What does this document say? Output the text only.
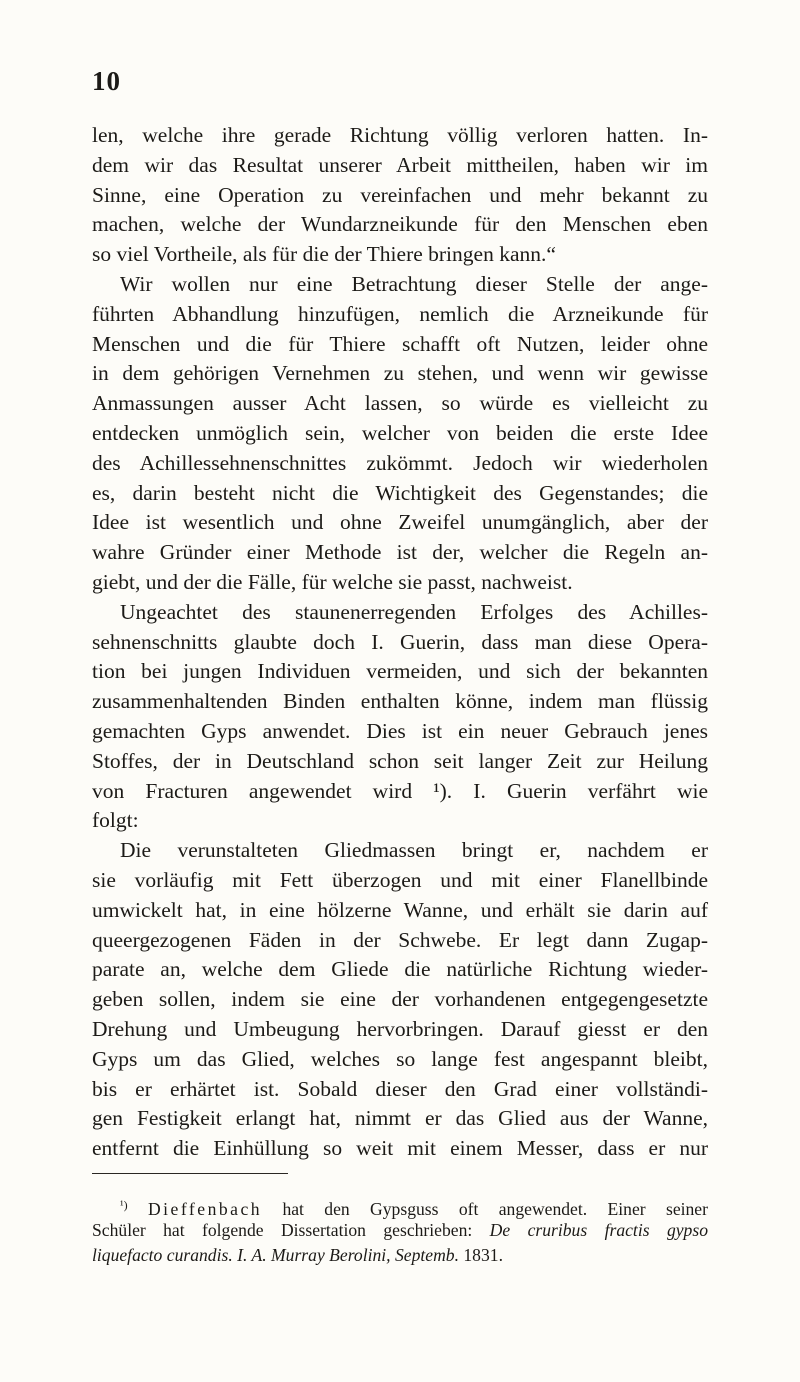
10
len, welche ihre gerade Richtung völlig verloren hatten. In-
dem wir das Resultat unserer Arbeit mittheilen, haben wir im
Sinne, eine Operation zu vereinfachen und mehr bekannt zu
machen, welche der Wundarzneikunde für den Menschen eben
so viel Vortheile, als für die der Thiere bringen kann.“
Wir wollen nur eine Betrachtung dieser Stelle der ange-
führten Abhandlung hinzufügen, nemlich die Arzneikunde für
Menschen und die für Thiere schafft oft Nutzen, leider ohne
in dem gehörigen Vernehmen zu stehen, und wenn wir gewisse
Anmassungen ausser Acht lassen, so würde es vielleicht zu
entdecken unmöglich sein, welcher von beiden die erste Idee
des Achillessehnenschnittes zukömmt. Jedoch wir wiederholen
es, darin besteht nicht die Wichtigkeit des Gegenstandes; die
Idee ist wesentlich und ohne Zweifel unumgänglich, aber der
wahre Gründer einer Methode ist der, welcher die Regeln an-
giebt, und der die Fälle, für welche sie passt, nachweist.
Ungeachtet des staunenerregenden Erfolges des Achilles-
sehnenschnitts glaubte doch I. Guerin, dass man diese Opera-
tion bei jungen Individuen vermeiden, und sich der bekannten
zusammenhaltenden Binden enthalten könne, indem man flüssig
gemachten Gyps anwendet. Dies ist ein neuer Gebrauch jenes
Stoffes, der in Deutschland schon seit langer Zeit zur Heilung
von Fracturen angewendet wird ¹). I. Guerin verfährt wie
folgt:
Die verunstalteten Gliedmassen bringt er, nachdem er
sie vorläufig mit Fett überzogen und mit einer Flanellbinde
umwickelt hat, in eine hölzerne Wanne, und erhält sie darin auf
queergezogenen Fäden in der Schwebe. Er legt dann Zugap-
parate an, welche dem Gliede die natürliche Richtung wieder-
geben sollen, indem sie eine der vorhandenen entgegengesetzte
Drehung und Umbeugung hervorbringen. Darauf giesst er den
Gyps um das Glied, welches so lange fest angespannt bleibt,
bis er erhärtet ist. Sobald dieser den Grad einer vollständi-
gen Festigkeit erlangt hat, nimmt er das Glied aus der Wanne,
entfernt die Einhüllung so weit mit einem Messer, dass er nur
$^{^1)}$ Dieffenbach hat den Gypsguss oft angewendet. Einer seiner
Schüler hat folgende Dissertation geschrieben: De cruribus fractis gypso
liquefacto curandis. I. A. Murray Berolini, Septemb. 1831.
